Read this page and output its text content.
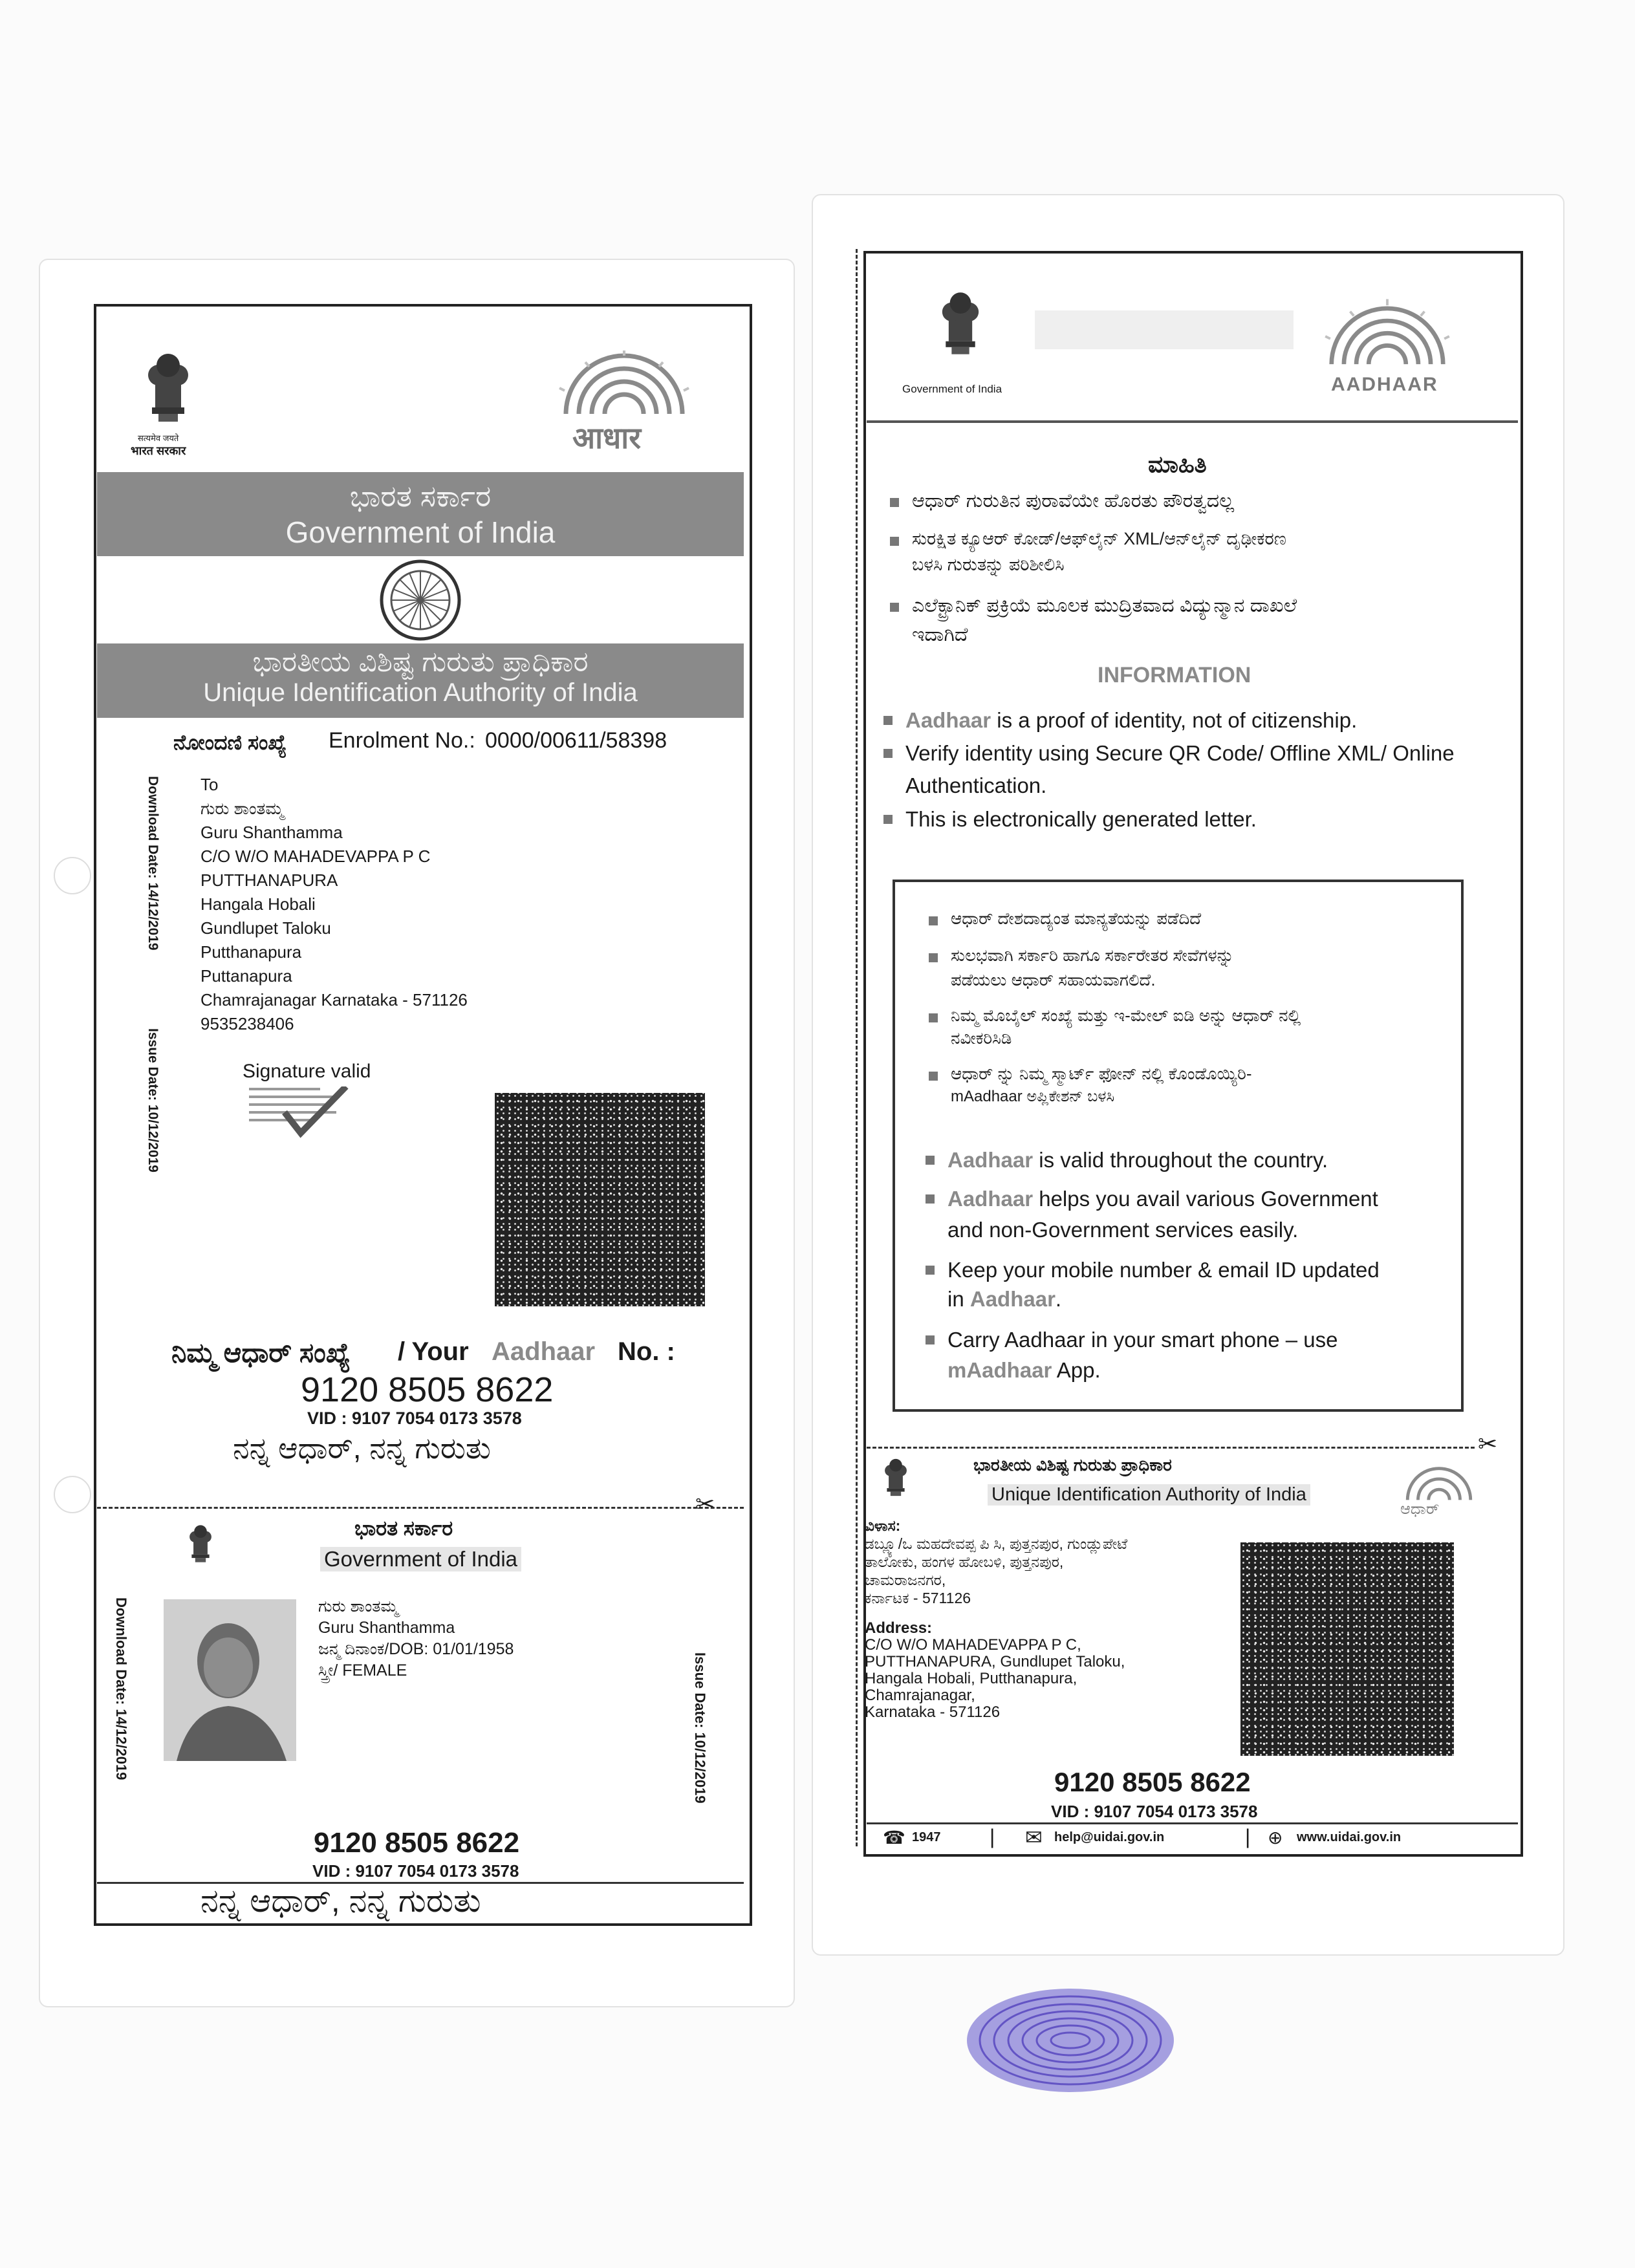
सत्यमेव जयते
भारत सरकार	आधार
ಭಾರತ ಸರ್ಕಾರ
Government of India
ಭಾರತೀಯ ವಿಶಿಷ್ಟ ಗುರುತು ಪ್ರಾಧಿಕಾರ
Unique Identification Authority of India
ನೋಂದಣಿ ಸಂಖ್ಯೆ Enrolment No.: 0000/00611/58398
Download Date: 14/12/2019
Issue Date: 10/12/2019
To
ಗುರು ಶಾಂತಮ್ಮ
Guru Shanthamma
C/O W/O MAHADEVAPPA P C
PUTTHANAPURA
Hangala Hobali
Gundlupet Taloku
Putthanapura
Puttanapura
Chamrajanagar Karnataka - 571126
9535238406
Signature valid
ನಿಮ್ಮ ಆಧಾರ್ ಸಂಖ್ಯೆ / Your Aadhaar No. :
9120 8505 8622
VID : 9107 7054 0173 3578
ನನ್ನ ಆಧಾರ್, ನನ್ನ ಗುರುತು
✂
ಭಾರತ ಸರ್ಕಾರ
Government of India
Download Date: 14/12/2019	Issue Date: 10/12/2019
ಗುರು ಶಾಂತಮ್ಮ
Guru Shanthamma
ಜನ್ಮ ದಿನಾಂಕ/DOB: 01/01/1958
ಸ್ತ್ರೀ/ FEMALE
9120 8505 8622
VID : 9107 7054 0173 3578
ನನ್ನ ಆಧಾರ್, ನನ್ನ ಗುರುತು
Government of India	AADHAAR
ಮಾಹಿತಿ
ಆಧಾರ್ ಗುರುತಿನ ಪುರಾವೆಯೇ ಹೊರತು ಪೌರತ್ವದಲ್ಲ
ಸುರಕ್ಷಿತ ಕ್ಯೂಆರ್ ಕೋಡ್/ಆಫ್‌ಲೈನ್ XML/ಆನ್‌ಲೈನ್ ದೃಢೀಕರಣ
ಬಳಸಿ ಗುರುತನ್ನು ಪರಿಶೀಲಿಸಿ
ಎಲೆಕ್ಟ್ರಾನಿಕ್ ಪ್ರಕ್ರಿಯೆ ಮೂಲಕ ಮುದ್ರಿತವಾದ ವಿದ್ಯುನ್ಮಾನ ದಾಖಲೆ
ಇದಾಗಿದೆ
INFORMATION
Aadhaar is a proof of identity, not of citizenship.
Verify identity using Secure QR Code/ Offline XML/ Online
Authentication.
This is electronically generated letter.
ಆಧಾರ್ ದೇಶದಾದ್ಯಂತ ಮಾನ್ಯತೆಯನ್ನು ಪಡೆದಿದೆ
ಸುಲಭವಾಗಿ ಸರ್ಕಾರಿ ಹಾಗೂ ಸರ್ಕಾರೇತರ ಸೇವೆಗಳನ್ನು
ಪಡೆಯಲು ಆಧಾರ್ ಸಹಾಯವಾಗಲಿದೆ.
ನಿಮ್ಮ ಮೊಬೈಲ್ ಸಂಖ್ಯೆ ಮತ್ತು ಇ-ಮೇಲ್ ಐಡಿ ಅನ್ನು ಆಧಾರ್ ನಲ್ಲಿ
ನವೀಕರಿಸಿಡಿ
ಆಧಾರ್ ನ್ನು ನಿಮ್ಮ ಸ್ಮಾರ್ಟ್ ಫೋನ್ ನಲ್ಲಿ ಕೊಂಡೊಯ್ಯಿರಿ-
mAadhaar ಅಪ್ಲಿಕೇಶನ್ ಬಳಸಿ
Aadhaar is valid throughout the country.
Aadhaar helps you avail various Government
and non-Government services easily.
Keep your mobile number & email ID updated
in Aadhaar.
Carry Aadhaar in your smart phone – use
mAadhaar App.
✂
ಭಾರತೀಯ ವಿಶಿಷ್ಟ ಗುರುತು ಪ್ರಾಧಿಕಾರ
Unique Identification Authority of India
ಆಧಾರ್
ವಿಳಾಸ:
ಡಬ್ಲ್ಯೂ/ಒ ಮಹದೇವಪ್ಪ ಪಿ ಸಿ, ಪುತ್ತನಪುರ, ಗುಂಡ್ಲುಪೇಟೆ
ತಾಲೋಕು, ಹಂಗಳ ಹೋಬಳಿ, ಪುತ್ತನಪುರ,
ಚಾಮರಾಜನಗರ,
ಕರ್ನಾಟಕ - 571126
Address:
C/O W/O MAHADEVAPPA P C,
PUTTHANAPURA, Gundlupet Taloku,
Hangala Hobali, Putthanapura,
Chamrajanagar,
Karnataka - 571126
9120 8505 8622
VID : 9107 7054 0173 3578
☎ 1947 | ✉ help@uidai.gov.in	| ⊕ www.uidai.gov.in
